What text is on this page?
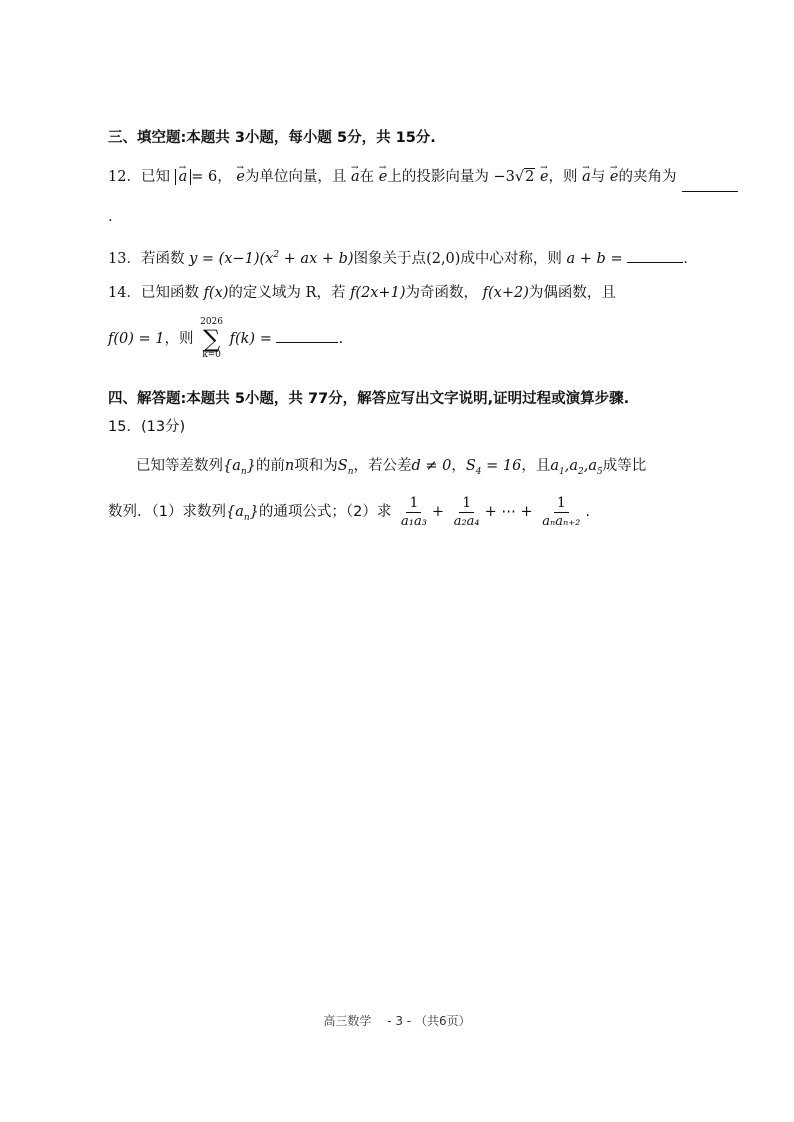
三、填空题:本题共 3小题，每小题 5分，共 15分.
12．已知 → a = 6， → e为单位向量，且 → a在 → e上的投影向量为 −3√2 → e，则 → a与 → e的夹角为
.
13．若函数 $y = (x-1)(x^2$ + ax + b)图象关于点(2,0)成中心对称，则 a + b =	.
14．已知函数 f(x)的定义域为 R，若 f(2x+1)为奇函数， f(x+2)为偶函数，且
f(0) = 1，则
2026
∑
k=0
f(k) =	.
四、解答题:本题共 5小题，共 77分，解答应写出文字说明,证明过程或演算步骤.
15．(13分)
已知等差数列$\{a_n\}$的前n项和为$S_n$，若公差d ≠ 0，$S_4 = 16$，且$a_1,a_2,a_5$成等比
数列．（1）求数列$\{a_n\}$的通项公式；（2）求 $\frac{1}{\text{a₁a₃}} + \frac{1}{\text{a₂a₄}}$ + ⋯ + $\frac{1}{\text{aₙaₙ₊₂}}$ .
高三数学　 - 3 - （共6页）
